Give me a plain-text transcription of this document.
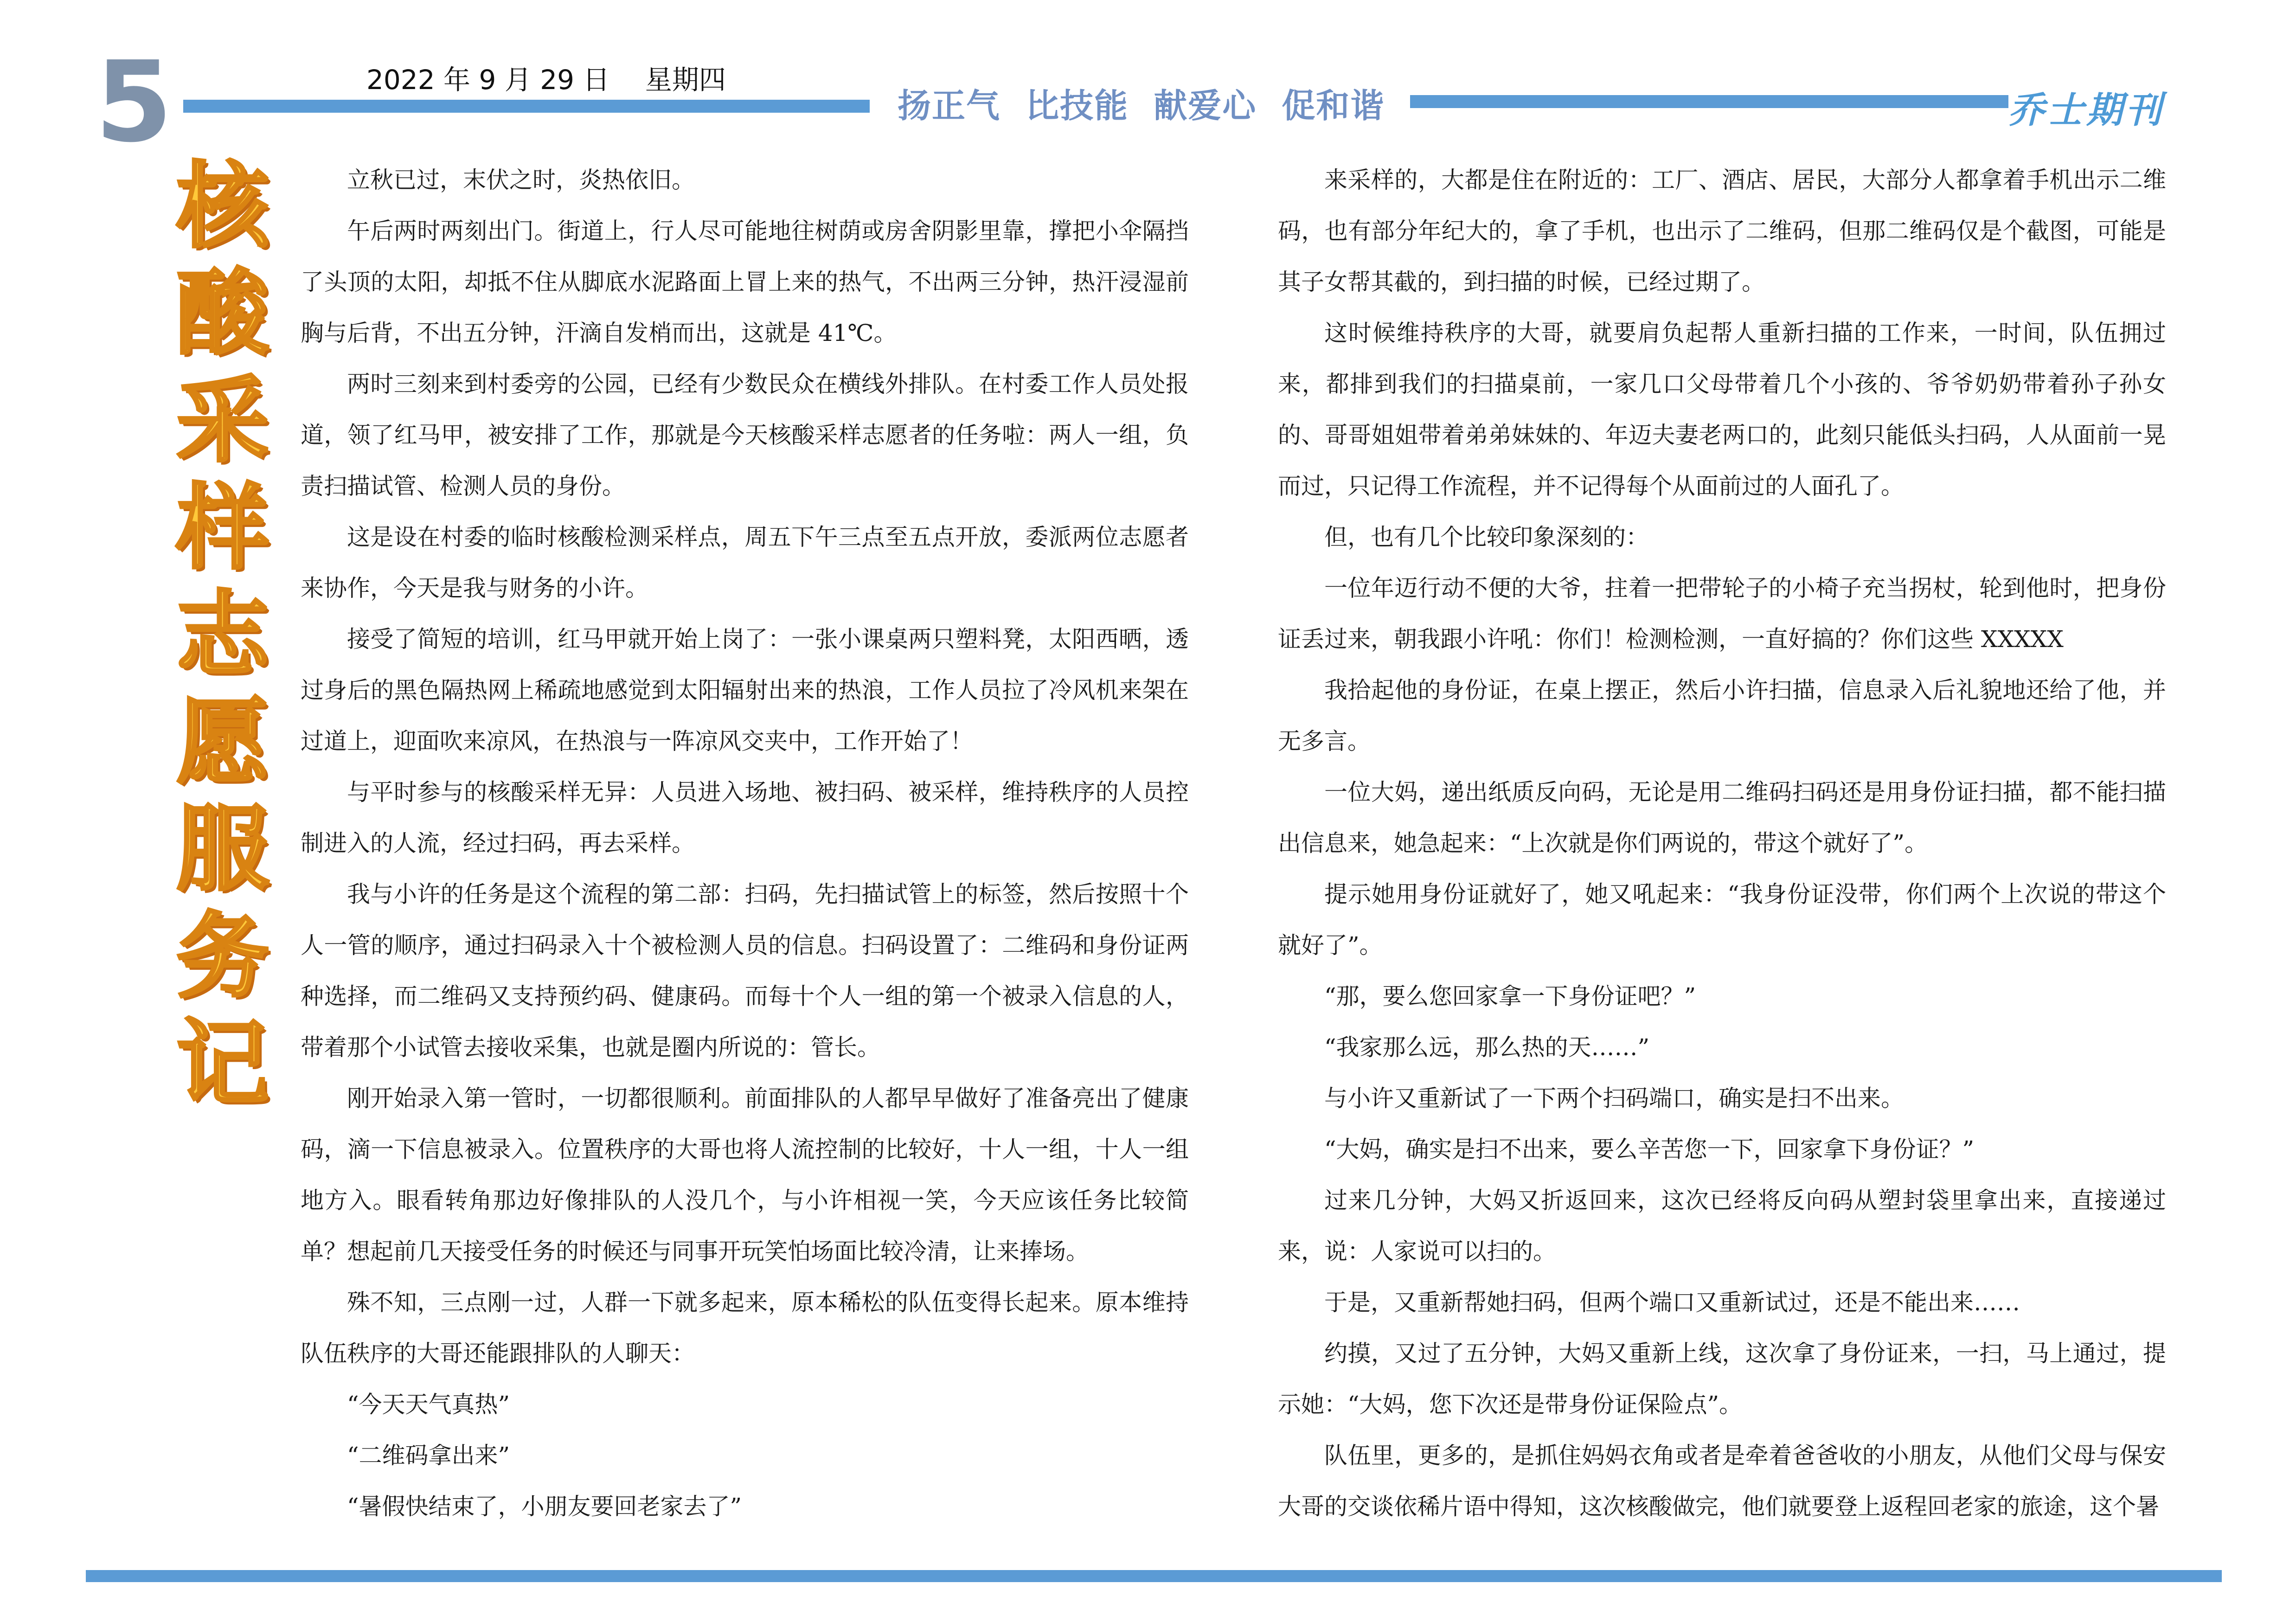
5	2022 年 9 月 29 日　 星期四
扬正气  比技能  献爱心  促和谐	乔士期刊
核酸采样志愿服务记

立秋已过，末伏之时，炎热依旧。

午后两时两刻出门。街道上，行人尽可能地往树荫或房舍阴影里靠，撑把小伞隔挡了头顶的太阳，却抵不住从脚底水泥路面上冒上来的热气，不出两三分钟，热汗浸湿前胸与后背，不出五分钟，汗滴自发梢而出，这就是 41℃。

两时三刻来到村委旁的公园，已经有少数民众在横线外排队。在村委工作人员处报道，领了红马甲，被安排了工作，那就是今天核酸采样志愿者的任务啦：两人一组，负责扫描试管、检测人员的身份。

这是设在村委的临时核酸检测采样点，周五下午三点至五点开放，委派两位志愿者来协作，今天是我与财务的小许。

接受了简短的培训，红马甲就开始上岗了：一张小课桌两只塑料凳，太阳西晒，透过身后的黑色隔热网上稀疏地感觉到太阳辐射出来的热浪，工作人员拉了冷风机来架在过道上，迎面吹来凉风，在热浪与一阵凉风交夹中，工作开始了！

与平时参与的核酸采样无异：人员进入场地、被扫码、被采样，维持秩序的人员控制进入的人流，经过扫码，再去采样。

我与小许的任务是这个流程的第二部：扫码，先扫描试管上的标签，然后按照十个人一管的顺序，通过扫码录入十个被检测人员的信息。扫码设置了：二维码和身份证两种选择，而二维码又支持预约码、健康码。而每十个人一组的第一个被录入信息的人，带着那个小试管去接收采集，也就是圈内所说的：管长。

刚开始录入第一管时，一切都很顺利。前面排队的人都早早做好了准备亮出了健康码，滴一下信息被录入。位置秩序的大哥也将人流控制的比较好，十人一组，十人一组地方入。眼看转角那边好像排队的人没几个，与小许相视一笑，今天应该任务比较简单？想起前几天接受任务的时候还与同事开玩笑怕场面比较冷清，让来捧场。

殊不知，三点刚一过，人群一下就多起来，原本稀松的队伍变得长起来。原本维持队伍秩序的大哥还能跟排队的人聊天：

“今天天气真热”

“二维码拿出来”

“暑假快结束了，小朋友要回老家去了”

来采样的，大都是住在附近的：工厂、酒店、居民，大部分人都拿着手机出示二维码，也有部分年纪大的，拿了手机，也出示了二维码，但那二维码仅是个截图，可能是其子女帮其截的，到扫描的时候，已经过期了。

这时候维持秩序的大哥，就要肩负起帮人重新扫描的工作来，一时间，队伍拥过来，都排到我们的扫描桌前，一家几口父母带着几个小孩的、爷爷奶奶带着孙子孙女的、哥哥姐姐带着弟弟妹妹的、年迈夫妻老两口的，此刻只能低头扫码，人从面前一晃而过，只记得工作流程，并不记得每个从面前过的人面孔了。

但，也有几个比较印象深刻的：

一位年迈行动不便的大爷，拄着一把带轮子的小椅子充当拐杖，轮到他时，把身份证丢过来，朝我跟小许吼：你们！检测检测，一直好搞的？你们这些 XXXXX

我拾起他的身份证，在桌上摆正，然后小许扫描，信息录入后礼貌地还给了他，并无多言。

一位大妈，递出纸质反向码，无论是用二维码扫码还是用身份证扫描，都不能扫描出信息来，她急起来：“上次就是你们两说的，带这个就好了”。

提示她用身份证就好了，她又吼起来：“我身份证没带，你们两个上次说的带这个就好了”。

“那，要么您回家拿一下身份证吧？”

“我家那么远，那么热的天……”

与小许又重新试了一下两个扫码端口，确实是扫不出来。

“大妈，确实是扫不出来，要么辛苦您一下，回家拿下身份证？”

过来几分钟，大妈又折返回来，这次已经将反向码从塑封袋里拿出来，直接递过来，说：人家说可以扫的。

于是，又重新帮她扫码，但两个端口又重新试过，还是不能出来……

约摸，又过了五分钟，大妈又重新上线，这次拿了身份证来，一扫，马上通过，提示她：“大妈，您下次还是带身份证保险点”。

队伍里，更多的，是抓住妈妈衣角或者是牵着爸爸收的小朋友，从他们父母与保安大哥的交谈依稀片语中得知，这次核酸做完，他们就要登上返程回老家的旅途，这个暑
